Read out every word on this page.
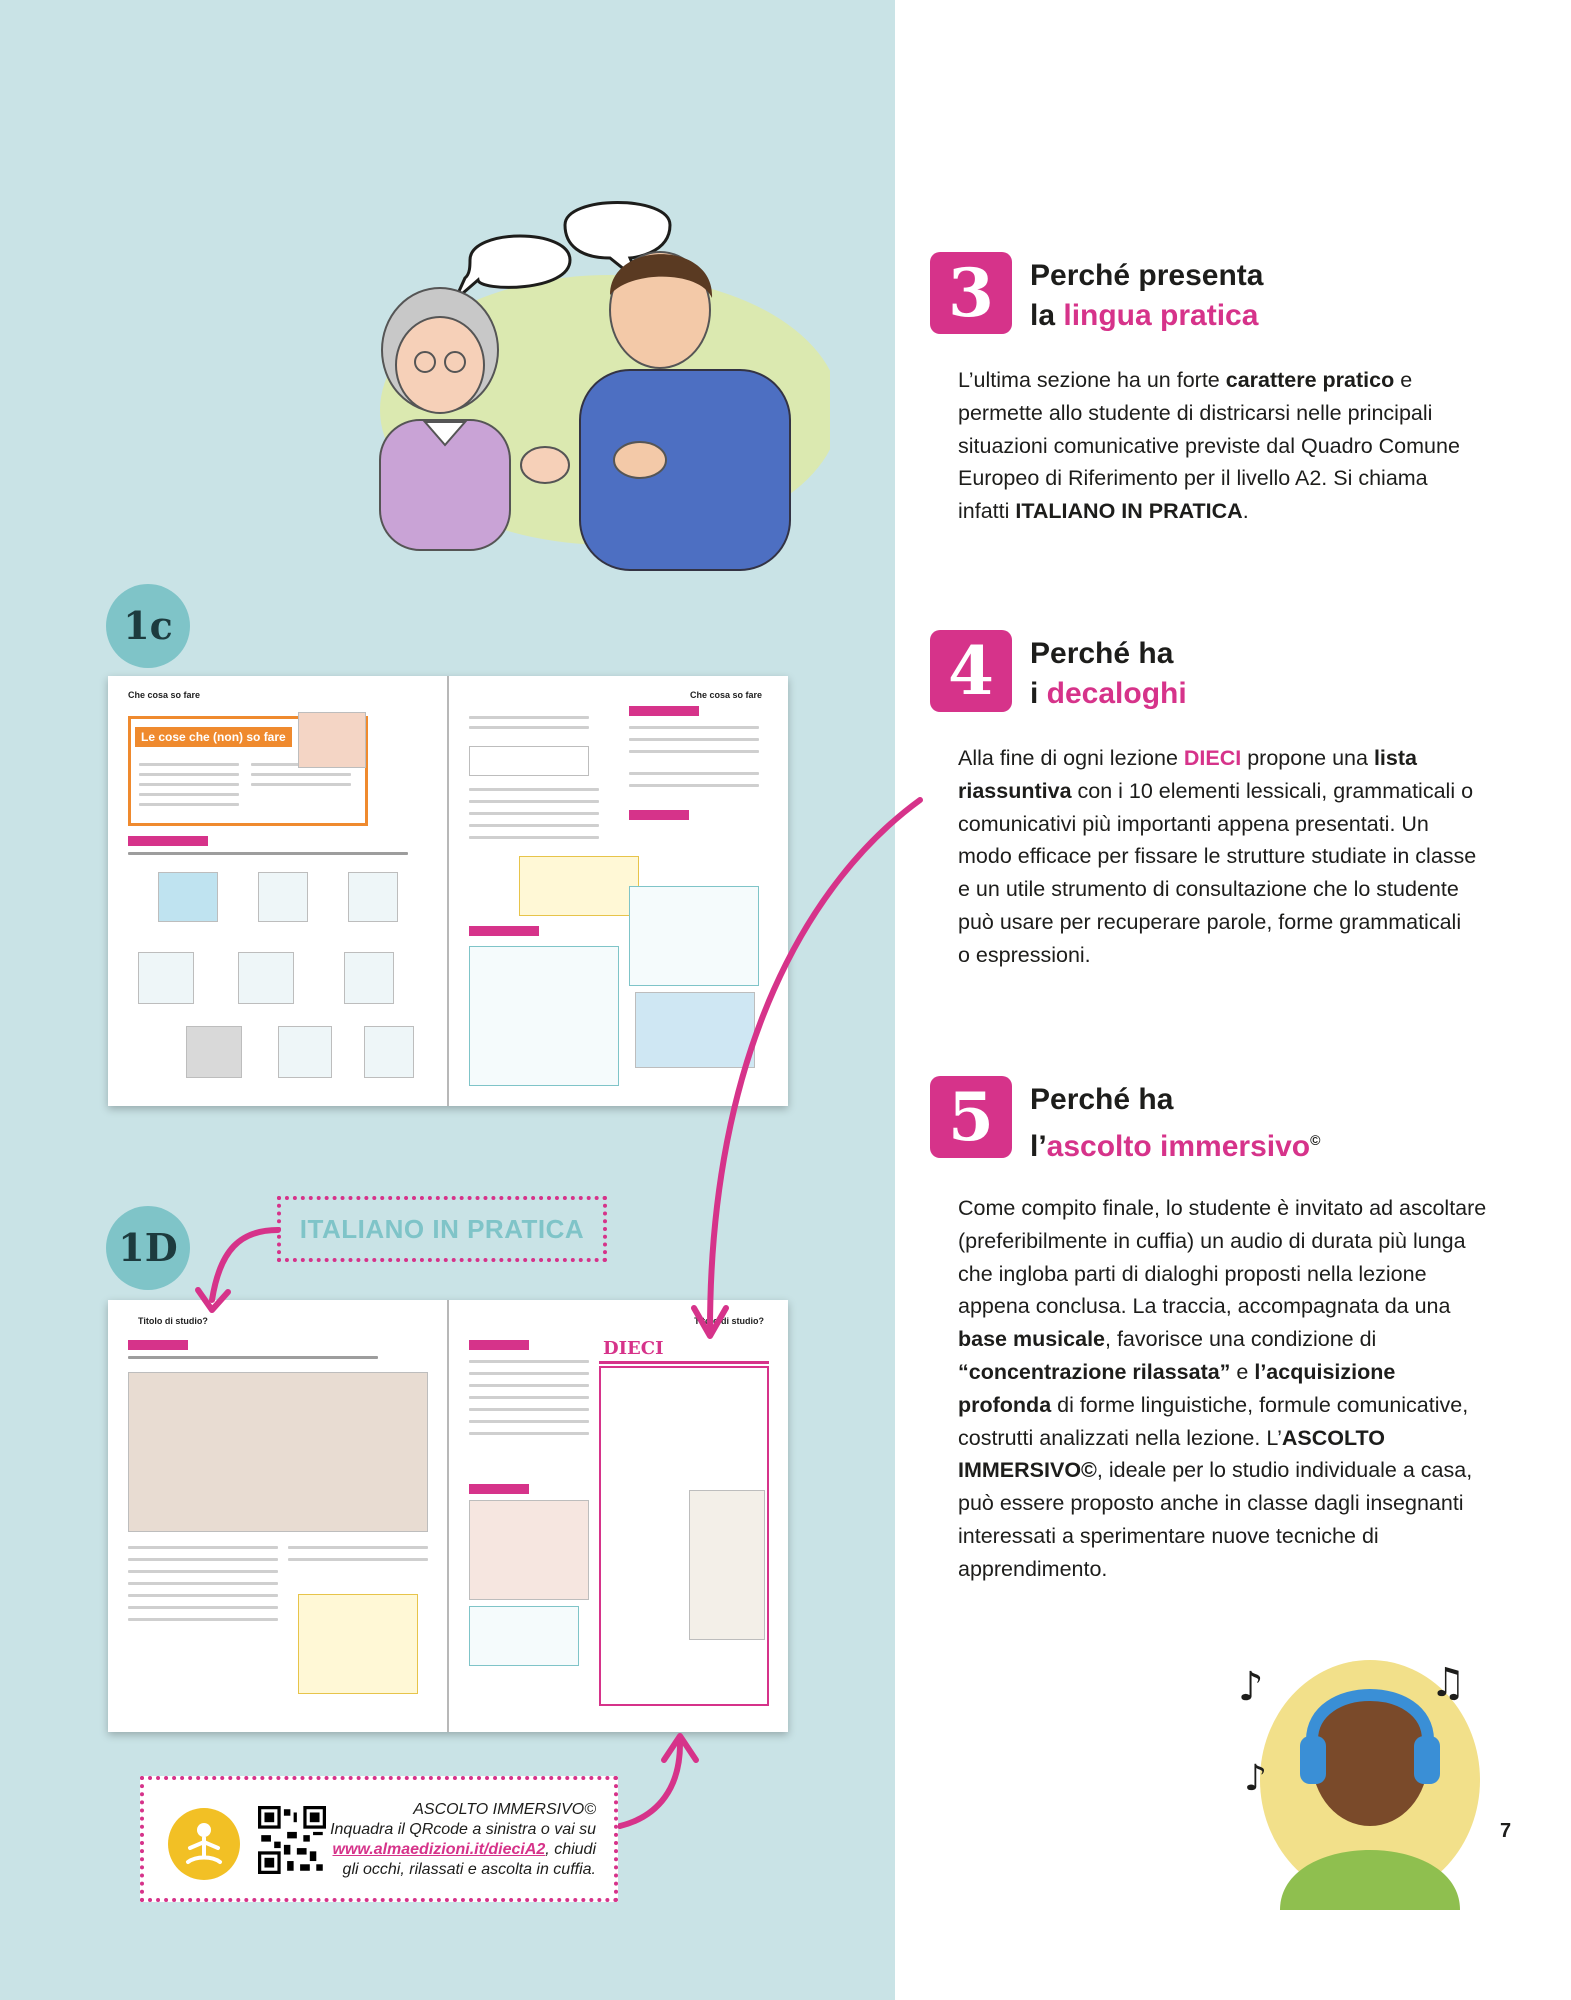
1c
Che cosa so fare
Le cose che (non) so fare
Che cosa so fare
1D	ITALIANO IN PRATICA
Titolo di studio?	Titolo di studio?
DIECI
ASCOLTO IMMERSIVO©
Inquadra il QRcode a sinistra o vai su
www.almaedizioni.it/dieciA2, chiudi
gli occhi, rilassati e ascolta in cuffia.
3	Perché presenta
la lingua pratica
L’ultima sezione ha un forte carattere pratico e permette allo studente di districarsi nelle principali situazioni comunicative previste dal Quadro Comune Europeo di Riferimento per il livello A2. Si chiama infatti ITALIANO IN PRATICA.
4	Perché ha
i decaloghi
Alla fine di ogni lezione DIECI propone una lista riassuntiva con i 10 elementi lessicali, grammaticali o comunicativi più importanti appena presentati. Un modo efficace per fissare le strutture studiate in classe e un utile strumento di consultazione che lo studente può usare per recuperare parole, forme grammaticali o espressioni.
5	Perché ha
l’ascolto immersivo©
Come compito finale, lo studente è invitato ad ascoltare (preferibilmente in cuffia) un audio di durata più lunga che ingloba parti di dialoghi proposti nella lezione appena conclusa. La traccia, accompagnata da una base musicale, favorisce una condizione di “concentrazione rilassata” e l’acquisizione profonda di forme linguistiche, formule comunicative, costrutti analizzati nella lezione. L’ASCOLTO IMMERSIVO©, ideale per lo studio individuale a casa, può essere proposto anche in classe dagli insegnanti interessati a sperimentare nuove tecniche di apprendimento.
♪	♫
♪
7
